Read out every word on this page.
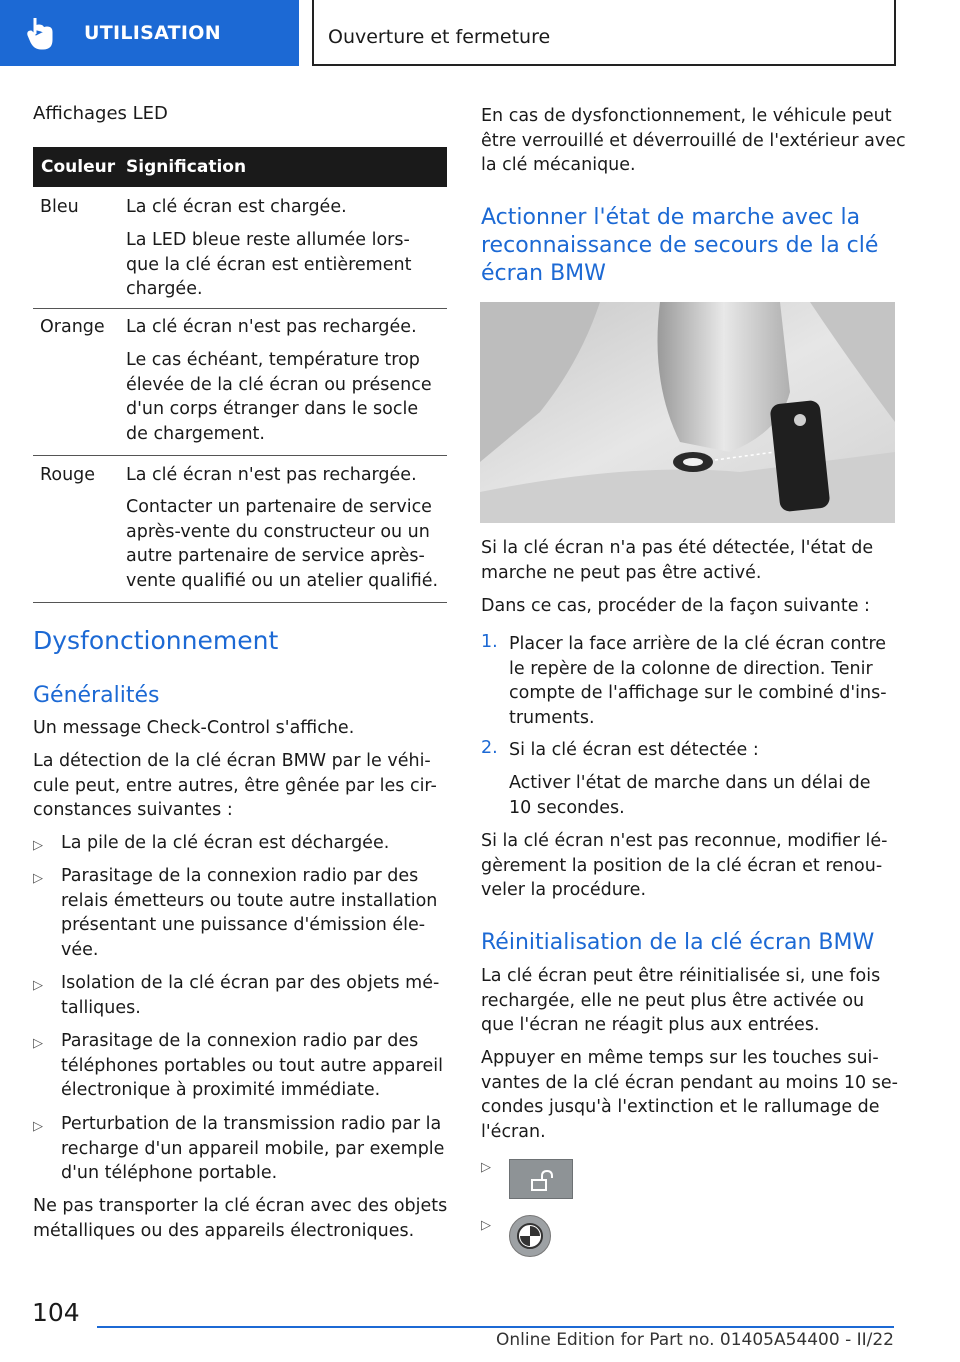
UTILISATION	Ouverture et fermeture
Affichages LED
Couleur Signification
Bleu	La clé écran est chargée.
La LED bleue reste allumée lors-
que la clé écran est entièrement
chargée.
Orange La clé écran n'est pas rechargée.
Le cas échéant, température trop
élevée de la clé écran ou présence
d'un corps étranger dans le socle
de chargement.
Rouge La clé écran n'est pas rechargée.
Contacter un partenaire de service
après-vente du constructeur ou un
autre partenaire de service après-
vente qualifié ou un atelier qualifié.
Dysfonctionnement
Généralités
Un message Check-Control s'affiche.
La détection de la clé écran BMW par le véhi-
cule peut, entre autres, être gênée par les cir-
constances suivantes :
▷ La pile de la clé écran est déchargée.
▷ Parasitage de la connexion radio par des
relais émetteurs ou toute autre installation
présentant une puissance d'émission éle-
vée.
▷ Isolation de la clé écran par des objets mé-
talliques.
▷ Parasitage de la connexion radio par des
téléphones portables ou tout autre appareil
électronique à proximité immédiate.
▷ Perturbation de la transmission radio par la
recharge d'un appareil mobile, par exemple
d'un téléphone portable.
Ne pas transporter la clé écran avec des objets
métalliques ou des appareils électroniques.
En cas de dysfonctionnement, le véhicule peut
être verrouillé et déverrouillé de l'extérieur avec
la clé mécanique.
Actionner l'état de marche avec la
reconnaissance de secours de la clé
écran BMW
Si la clé écran n'a pas été détectée, l'état de
marche ne peut pas être activé.
Dans ce cas, procéder de la façon suivante :
1. Placer la face arrière de la clé écran contre
le repère de la colonne de direction. Tenir
compte de l'affichage sur le combiné d'ins-
truments.
2. Si la clé écran est détectée :
Activer l'état de marche dans un délai de
10 secondes.
Si la clé écran n'est pas reconnue, modifier lé-
gèrement la position de la clé écran et renou-
veler la procédure.
Réinitialisation de la clé écran BMW
La clé écran peut être réinitialisée si, une fois
rechargée, elle ne peut plus être activée ou
que l'écran ne réagit plus aux entrées.
Appuyer en même temps sur les touches sui-
vantes de la clé écran pendant au moins 10 se-
condes jusqu'à l'extinction et le rallumage de
l'écran.
▷
▷
104
Online Edition for Part no. 01405A54400 - II/22
